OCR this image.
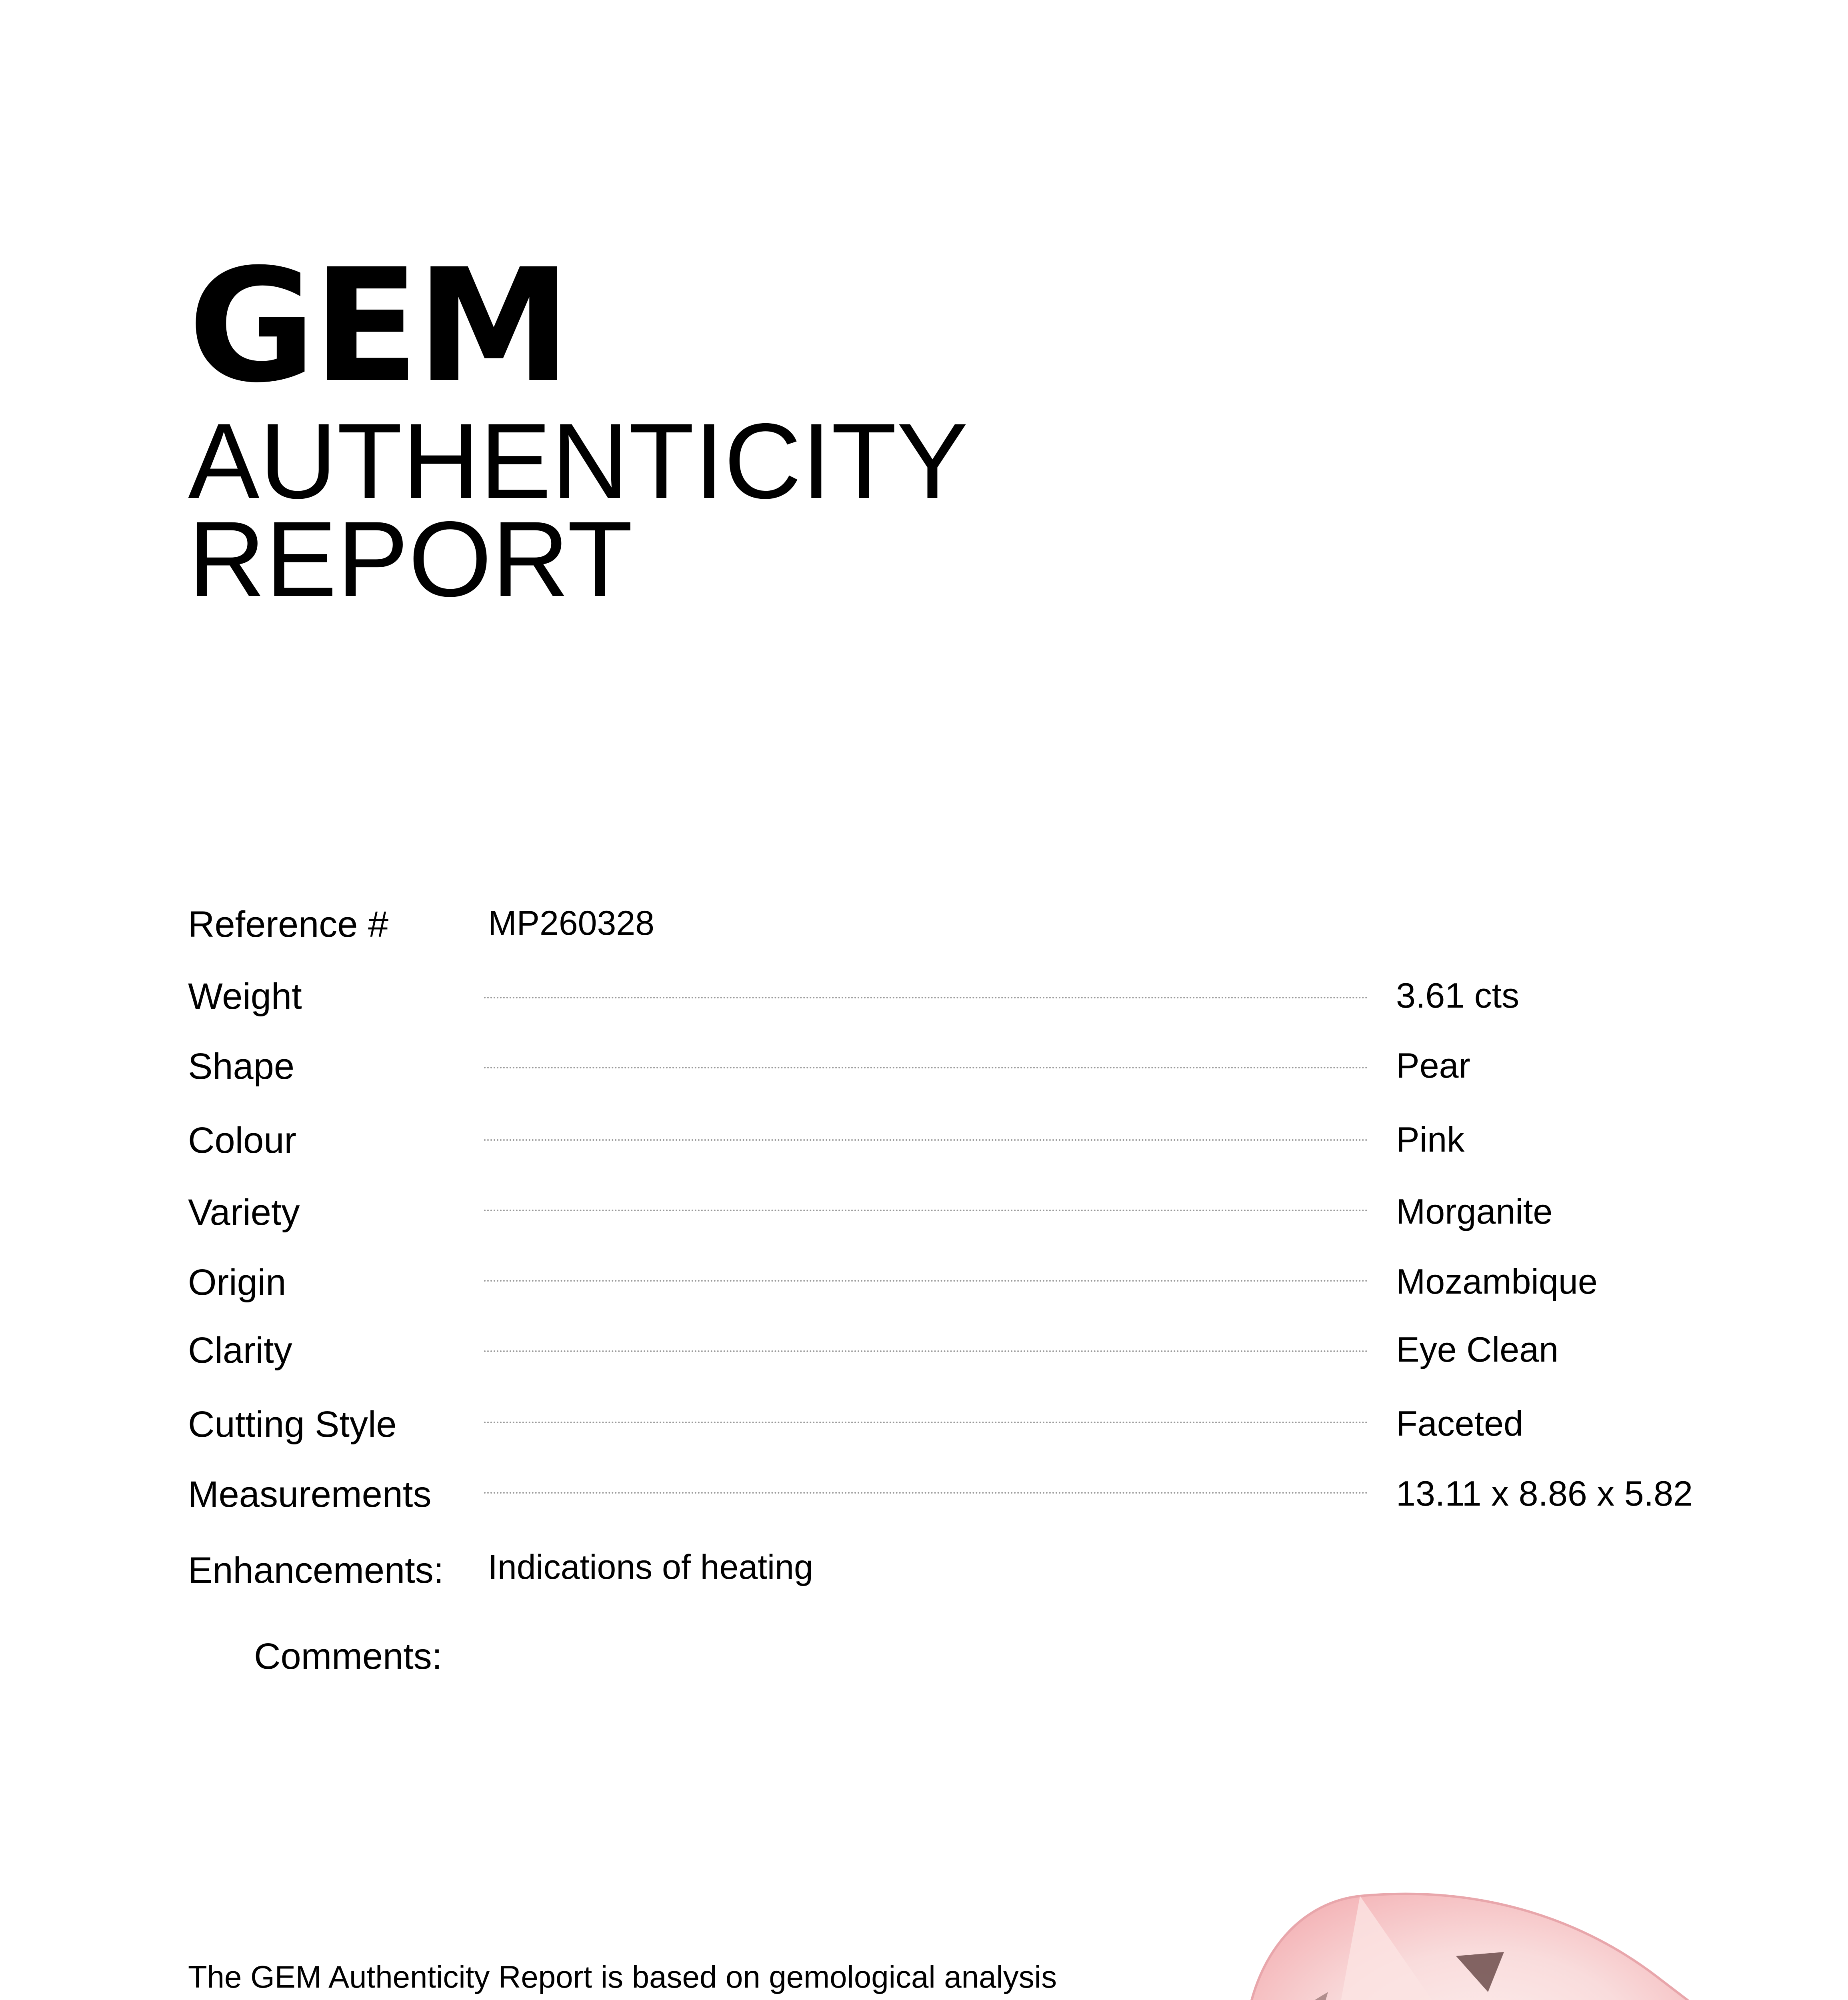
GEM
AUTHENTICITY
REPORT
Reference #	MP260328
Weight	3.61 cts
Shape	Pear
Colour	Pink
Variety	Morganite
Origin	Mozambique
Clarity	Eye Clean
Cutting Style	Faceted
Measurements	13.11 x 8.86 x 5.82
Enhancements: Indications of heating
Comments:
The GEM Authenticity Report is based on gemological analysis
